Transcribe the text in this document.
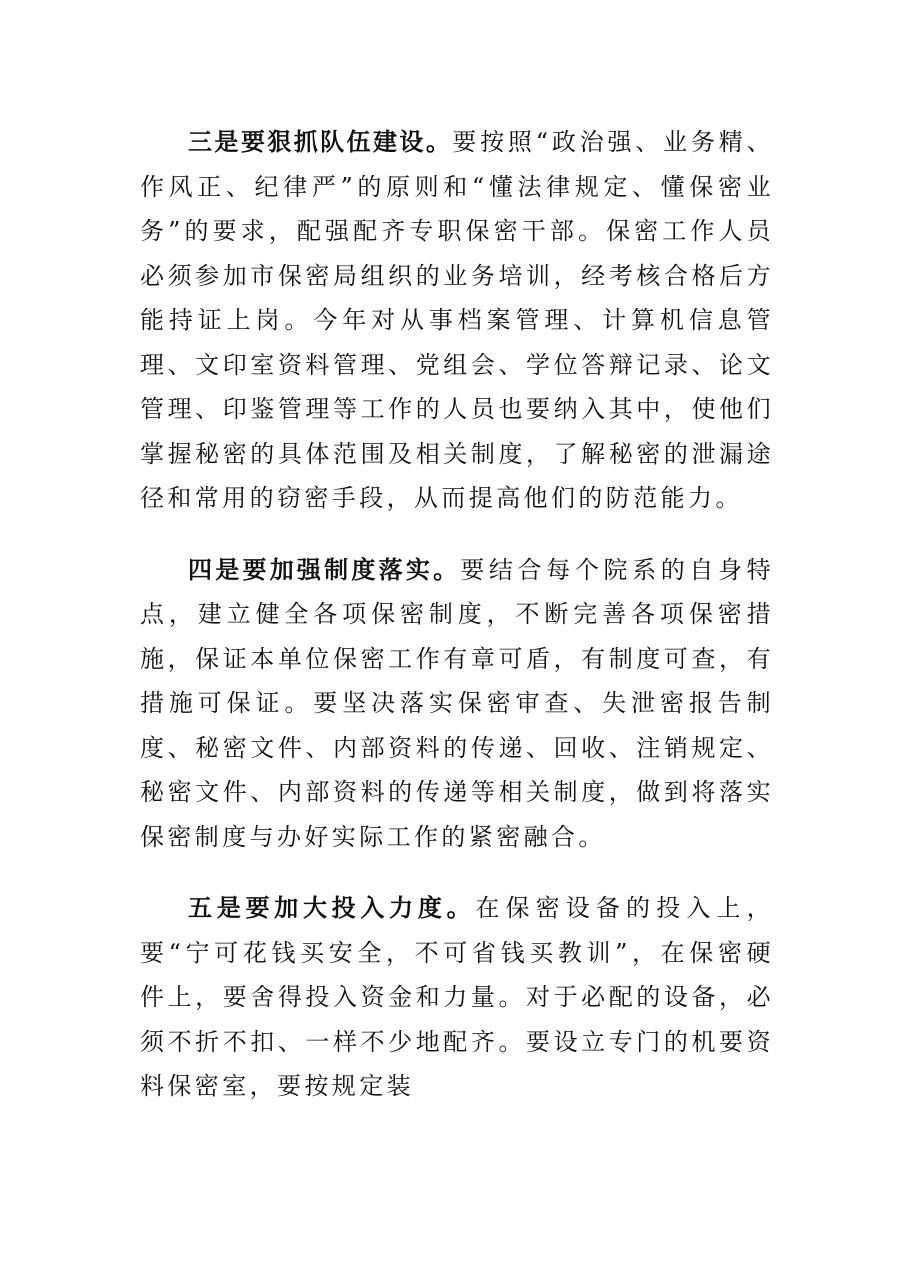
三是要狠抓队伍建设。要按照“政治强、业务精、作风正、纪律严”的原则和“懂法律规定、懂保密业务”的要求，配强配齐专职保密干部。保密工作人员必须参加市保密局组织的业务培训，经考核合格后方能持证上岗。今年对从事档案管理、计算机信息管理、文印室资料管理、党组会、学位答辩记录、论文管理、印鉴管理等工作的人员也要纳入其中，使他们掌握秘密的具体范围及相关制度，了解秘密的泄漏途径和常用的窃密手段，从而提高他们的防范能力。

四是要加强制度落实。要结合每个院系的自身特点，建立健全各项保密制度，不断完善各项保密措施，保证本单位保密工作有章可盾，有制度可查，有措施可保证。要坚决落实保密审查、失泄密报告制度、秘密文件、内部资料的传递、回收、注销规定、秘密文件、内部资料的传递等相关制度，做到将落实保密制度与办好实际工作的紧密融合。

五是要加大投入力度。在保密设备的投入上，要“宁可花钱买安全，不可省钱买教训”，在保密硬件上，要舍得投入资金和力量。对于必配的设备，必须不折不扣、一样不少地配齐。要设立专门的机要资料保密室，要按规定装
